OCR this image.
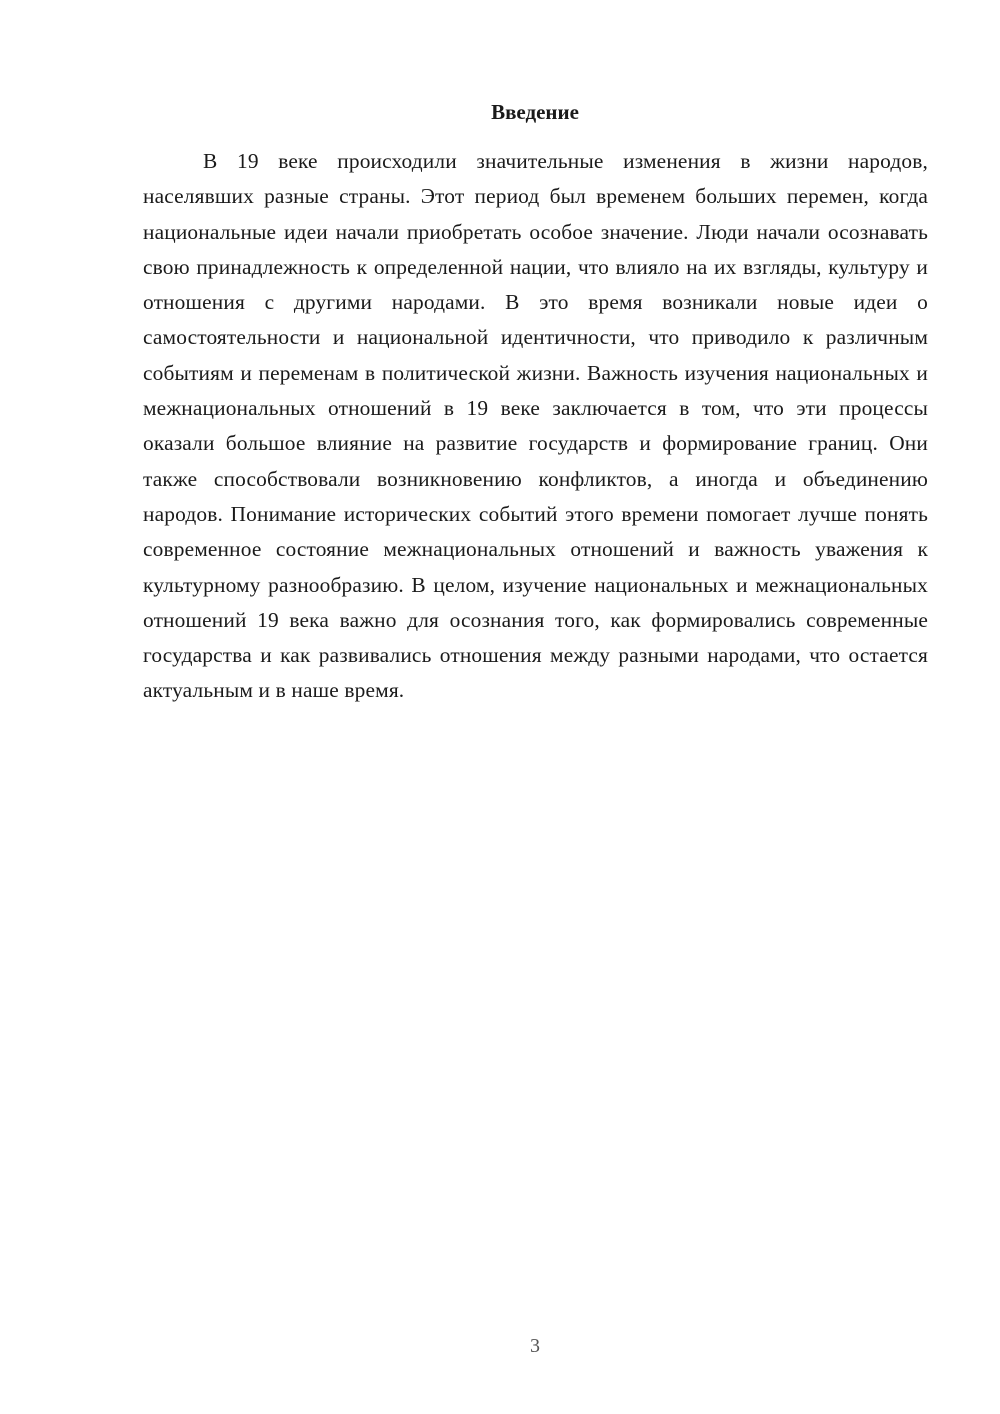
Введение

В 19 веке происходили значительные изменения в жизни народов, населявших разные страны. Этот период был временем больших перемен, когда национальные идеи начали приобретать особое значение. Люди начали осознавать свою принадлежность к определенной нации, что влияло на их взгляды, культуру и отношения с другими народами. В это время возникали новые идеи о самостоятельности и национальной идентичности, что приводило к различным событиям и переменам в политической жизни. Важность изучения национальных и межнациональных отношений в 19 веке заключается в том, что эти процессы оказали большое влияние на развитие государств и формирование границ. Они также способствовали возникновению конфликтов, а иногда и объединению народов. Понимание исторических событий этого времени помогает лучше понять современное состояние межнациональных отношений и важность уважения к культурному разнообразию. В целом, изучение национальных и межнациональных отношений 19 века важно для осознания того, как формировались современные государства и как развивались отношения между разными народами, что остается актуальным и в наше время.

3
